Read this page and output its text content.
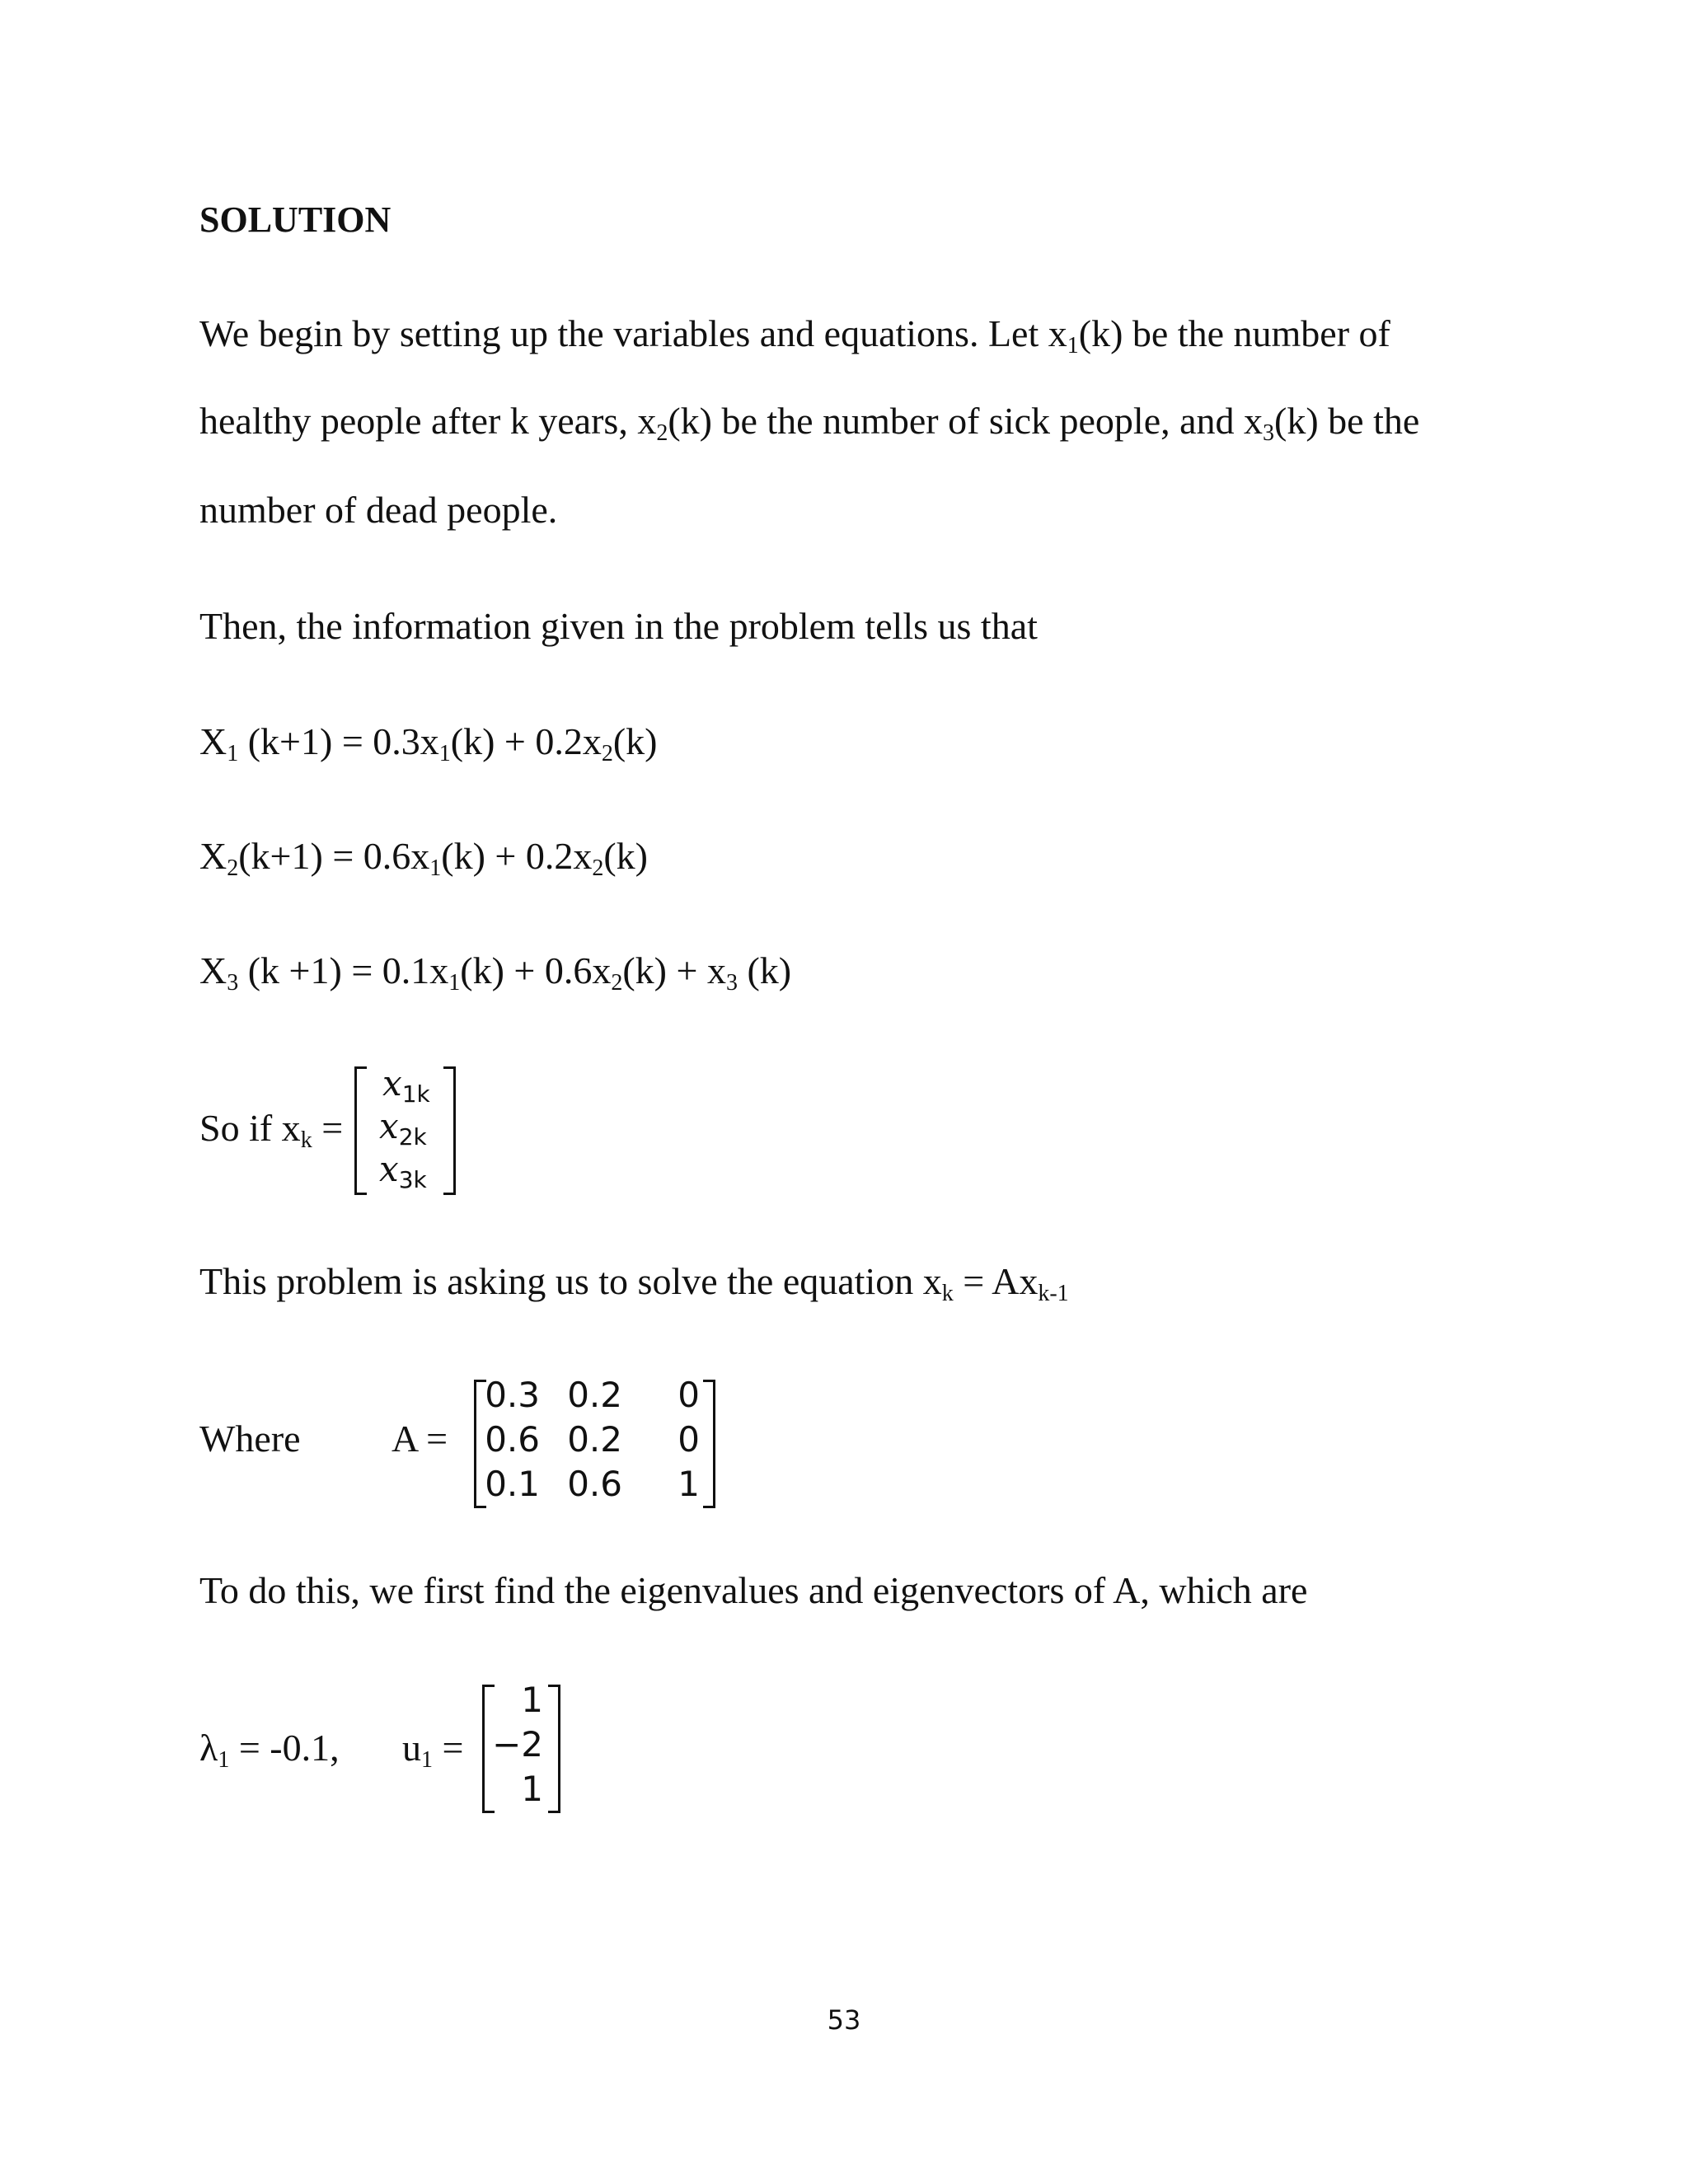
SOLUTION
We begin by setting up the variables and equations. Let $x_1(k)$ be the number of
healthy people after k years, $x_2(k)$ be the number of sick people, and $x_3(k)$ be the
number of dead people.
Then, the information given in the problem tells us that
$X_1$ $(k+1) = 0.3x_1(k) + 0.2x_2(k)$
$X_2(k+1) = 0.6x_1(k) + 0.2x_2(k)$
$X_3$ $(k +1) = 0.1x_1(k) + 0.6x_2(k) + x_3$ (k)
So if $x_k$ =
$x_{1k}$
$x_{2k}$
$x_{3k}$
This problem is asking us to solve the equation $x_k = Ax_{k-1}$
Where A =
0.3 0.2	0
0.6 0.2	0
0.1 0.6	1
To do this, we first find the eigenvalues and eigenvectors of A, which are
$\lambda_1 = -0.1$, $u_1$ =
1
−2
1
53
